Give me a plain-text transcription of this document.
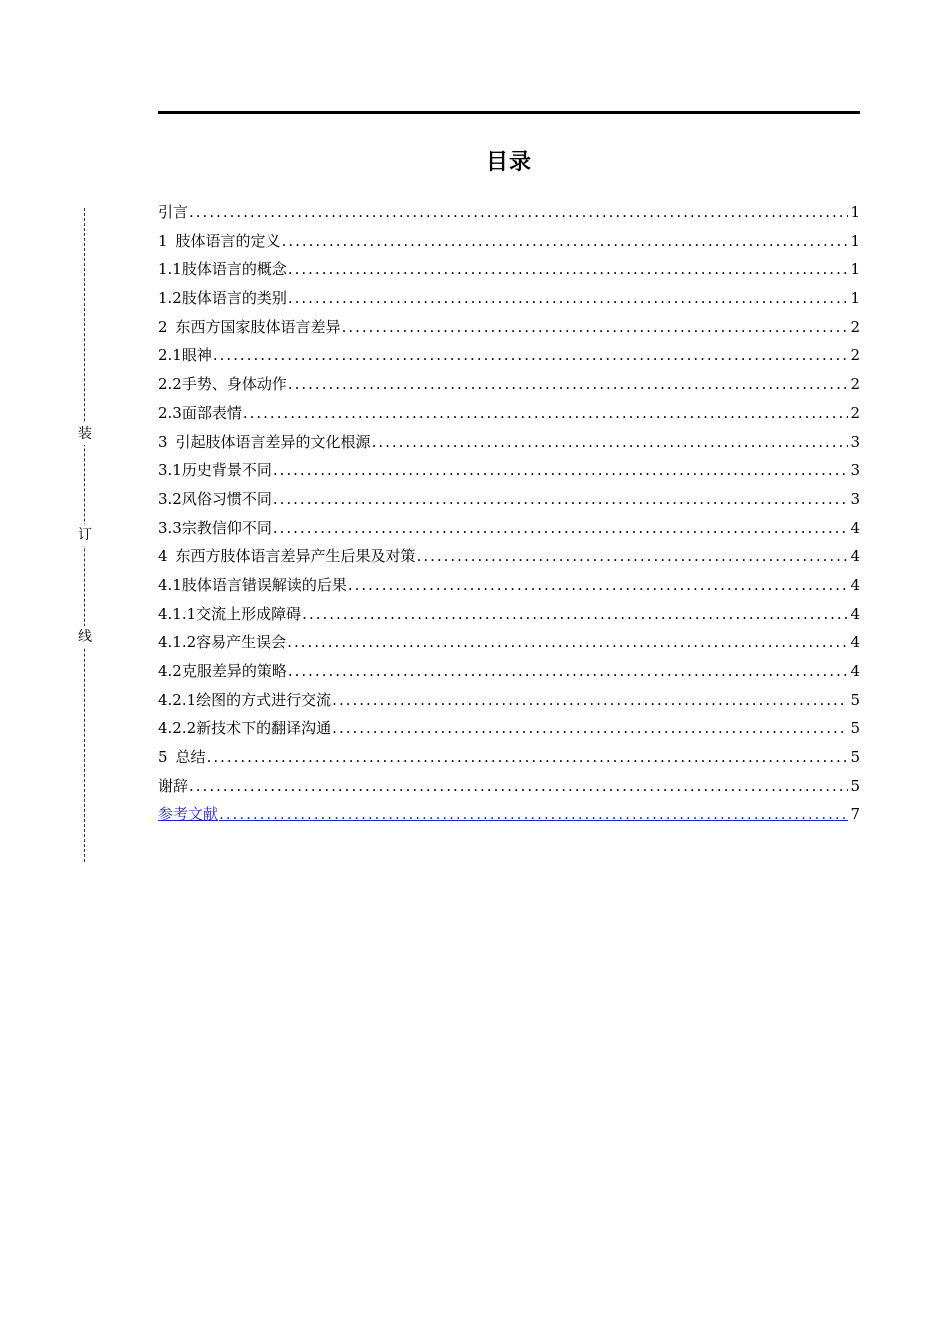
目录
引言 .....	1
1 肢体语言的定义 .....	1
1.1肢体语言的概念 .....	1
1.2肢体语言的类别 .....	1
2 东西方国家肢体语言差异 .....	2
2.1眼神 .....	2
2.2手势、身体动作 .....	2
2.3面部表情 .....	2
3 引起肢体语言差异的文化根源 .....	3
3.1历史背景不同 .....	3
3.2风俗习惯不同 .....	3
3.3宗教信仰不同 .....	4
4 东西方肢体语言差异产生后果及对策 .....	4
4.1肢体语言错误解读的后果 .....	4
4.1.1交流上形成障碍 .....	4
4.1.2容易产生误会 .....	4
4.2克服差异的策略 .....	4
4.2.1绘图的方式进行交流 .....	5
4.2.2新技术下的翻译沟通 .....	5
5 总结 .....	5
谢辞 .....	5
参考文献 .....	7
装
订
线
